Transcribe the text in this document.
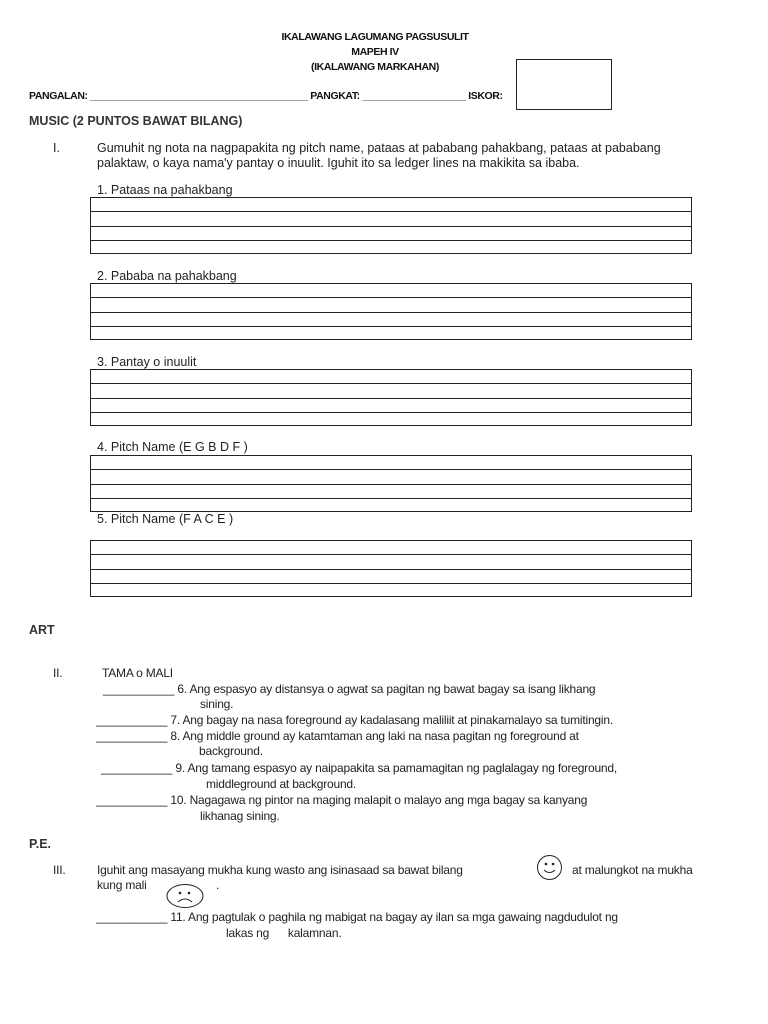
IKALAWANG LAGUMANG PAGSUSULIT
MAPEH IV
(IKALAWANG MARKAHAN)
PANGALAN: ________________________________________ PANGKAT: ___________________ ISKOR:
MUSIC (2 PUNTOS BAWAT BILANG)
I.	Gumuhit ng nota na nagpapakita ng pitch name, pataas at pababang pahakbang, pataas at pababang
palaktaw, o kaya nama'y pantay o inuulit. Iguhit ito sa ledger lines na makikita sa ibaba.
1. Pataas na pahakbang
2. Pababa na pahakbang
3. Pantay o inuulit
4. Pitch Name (E G B D F )
5. Pitch Name (F A C E )
ART
II.	TAMA o MALI
___________ 6. Ang espasyo ay distansya o agwat sa pagitan ng bawat bagay sa isang likhang
sining.
___________ 7. Ang bagay na nasa foreground ay kadalasang maliliit at pinakamalayo sa tumitingin.
___________ 8. Ang middle ground ay katamtaman ang laki na nasa pagitan ng foreground at
background.
___________ 9. Ang tamang espasyo ay naipapakita sa pamamagitan ng paglalagay ng foreground,
middleground at background.
___________ 10. Nagagawa ng pintor na maging malapit o malayo ang mga bagay sa kanyang
likhanag sining.
P.E.
III.	Iguhit ang masayang mukha kung wasto ang isinasaad sa bawat bilang	at malungkot na mukha
kung mali	.
___________ 11. Ang pagtulak o paghila ng mabigat na bagay ay ilan sa mga gawaing nagdudulot ng
lakas ng      kalamnan.
